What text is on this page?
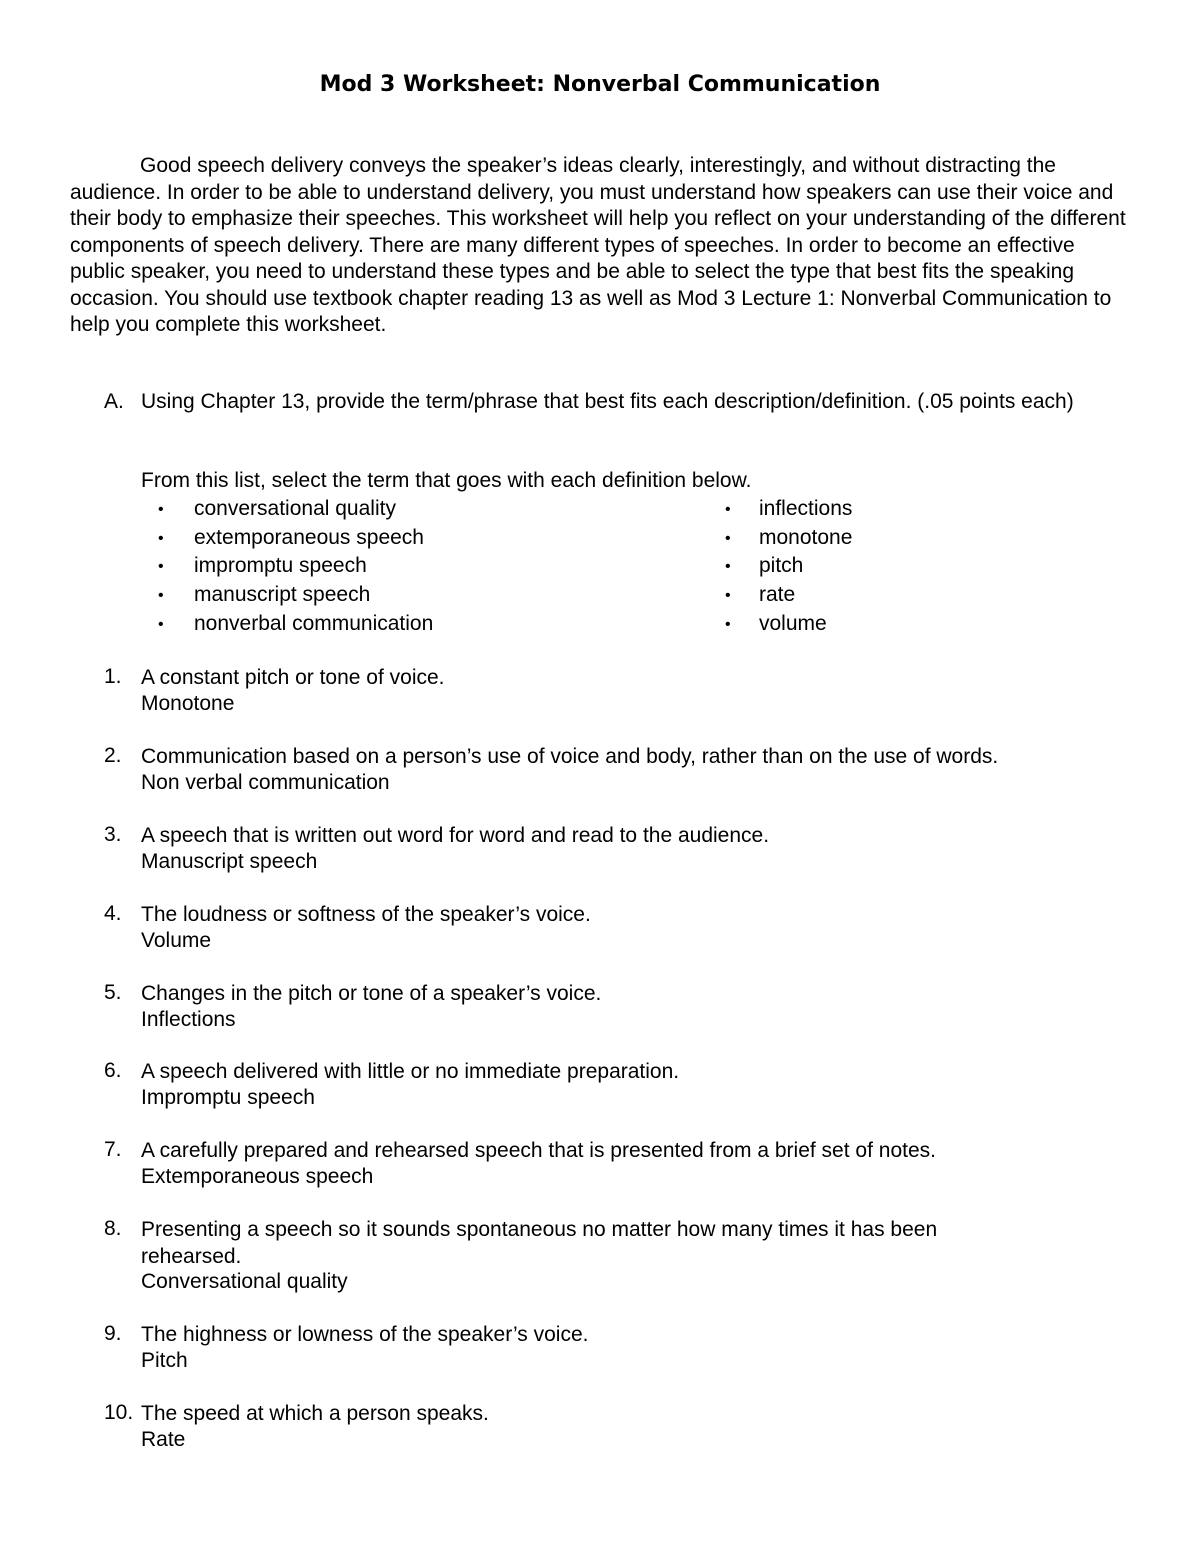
Mod 3 Worksheet: Nonverbal Communication

Good speech delivery conveys the speaker’s ideas clearly, interestingly, and without distracting the audience. In order to be able to understand delivery, you must understand how speakers can use their voice and their body to emphasize their speeches. This worksheet will help you reflect on your understanding of the different components of speech delivery. There are many different types of speeches. In order to become an effective public speaker, you need to understand these types and be able to select the type that best fits the speaking occasion. You should use textbook chapter reading 13 as well as Mod 3 Lecture 1: Nonverbal Communication to help you complete this worksheet.

A. Using Chapter 13, provide the term/phrase that best fits each description/definition. (.05 points each)
From this list, select the term that goes with each definition below.
• conversational quality
• extemporaneous speech
• impromptu speech
• manuscript speech
• nonverbal communication
• inflections
• monotone
• pitch
• rate
• volume
1. A constant pitch or tone of voice.
Monotone
2. Communication based on a person’s use of voice and body, rather than on the use of words.
Non verbal communication
3. A speech that is written out word for word and read to the audience.
Manuscript speech
4. The loudness or softness of the speaker’s voice.
Volume
5. Changes in the pitch or tone of a speaker’s voice.
Inflections
6. A speech delivered with little or no immediate preparation.
Impromptu speech
7. A carefully prepared and rehearsed speech that is presented from a brief set of notes.
Extemporaneous speech
8. Presenting a speech so it sounds spontaneous no matter how many times it has been rehearsed.
Conversational quality
9. The highness or lowness of the speaker’s voice.
Pitch
10. The speed at which a person speaks.
Rate
